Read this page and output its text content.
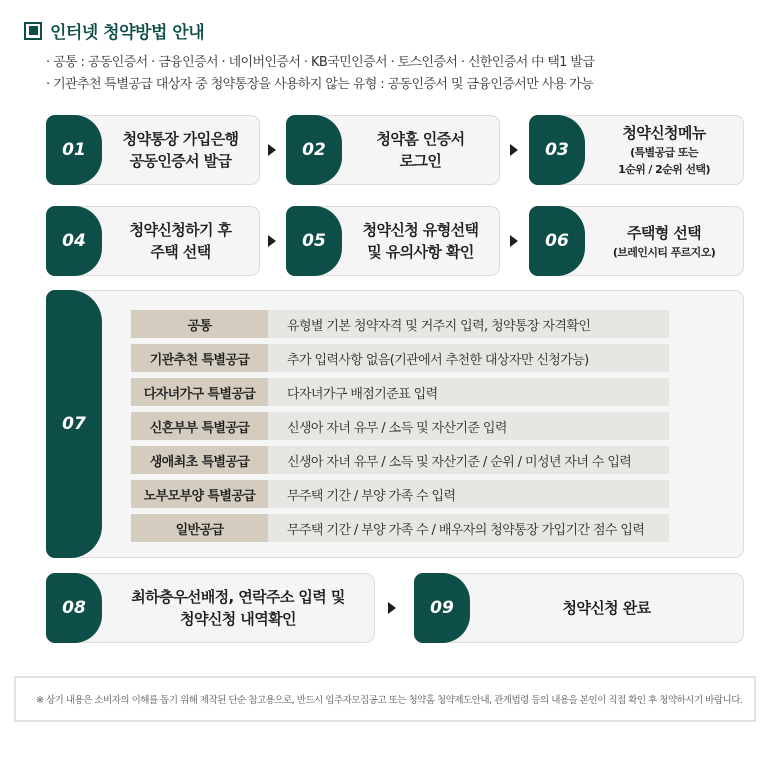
인터넷 청약방법 안내
· 공통 : 공동인증서 · 금융인증서 · 네이버인증서 · KB국민인증서 · 토스인증서 · 신한인증서 中 택1 발급
· 기관추천 특별공급 대상자 중 청약통장을 사용하지 않는 유형 : 공동인증서 및 금융인증서만 사용 가능
01
청약통장 가입은행
공동인증서 발급
02
청약홈 인증서
로그인
03
청약신청메뉴
(특별공급 또는
1순위 / 2순위 선택)
04
청약신청하기 후
주택 선택
05
청약신청 유형선택
및 유의사항 확인
06	주택형 선택
(브레인시티 푸르지오)
07
공통	유형별 기본 청약자격 및 거주지 입력, 청약통장 자격확인
기관추천 특별공급	추가 입력사항 없음(기관에서 추천한 대상자만 신청가능)
다자녀가구 특별공급	다자녀가구 배점기준표 입력
신혼부부 특별공급	신생아 자녀 유무 / 소득 및 자산기준 입력
생애최초 특별공급	신생아 자녀 유무 / 소득 및 자산기준 / 순위 / 미성년 자녀 수 입력
노부모부양 특별공급	무주택 기간 / 부양 가족 수 입력
일반공급	무주택 기간 / 부양 가족 수 / 배우자의 청약통장 가입기간 점수 입력
08
최하층우선배정, 연락주소 입력 및
청약신청 내역확인
09	청약신청 완료
※ 상기 내용은 소비자의 이해를 돕기 위해 제작된 단순 참고용으로, 반드시 입주자모집공고 또는 청약홈 청약제도안내, 관계법령 등의 내용을 본인이 직접 확인 후 청약하시기 바랍니다.
